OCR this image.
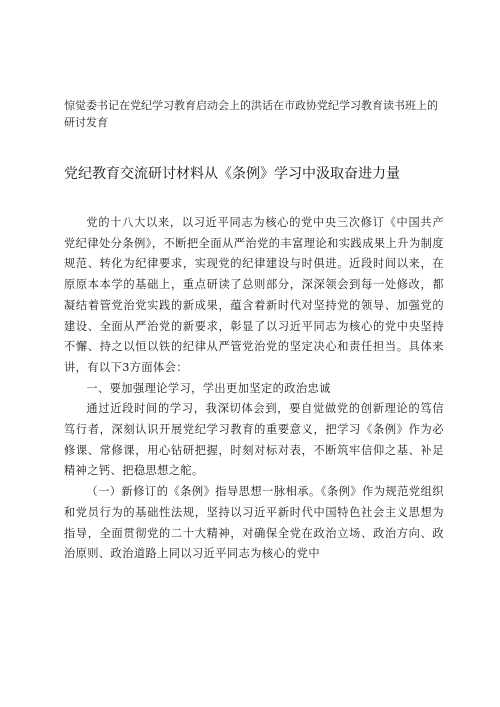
惊觉委书记在党纪学习教育启动会上的洪话在市政协党纪学习教育读书班上的研讨发育
党纪教育交流研讨材料从《条例》学习中汲取奋进力量

党的十八大以来，以习近平同志为核心的党中央三次修订《中国共产党纪律处分条例》，不断把全面从严治党的丰富理论和实践成果上升为制度规范、转化为纪律要求，实现党的纪律建设与时俱进。近段时间以来，在原原本本学的基础上，重点研读了总则部分，深深领会到每一处修改，都凝结着管党治党实践的新成果，蕴含着新时代对坚持党的领导、加强党的建设、全面从严治党的新要求，彰显了以习近平同志为核心的党中央坚持不懈、持之以恒以铁的纪律从严管党治党的坚定决心和责任担当。具体来讲，有以下3方面体会：

一、要加强理论学习，学出更加坚定的政治忠诚

通过近段时间的学习，我深切体会到，要自觉做党的创新理论的笃信笃行者，深刻认识开展党纪学习教育的重要意义，把学习《条例》作为必修课、常修课，用心钻研把握，时刻对标对表，不断筑牢信仰之基、补足精神之钙、把稳思想之舵。

（一）新修订的《条例》指导思想一脉相承。《条例》作为规范党组织和党员行为的基础性法规，坚持以习近平新时代中国特色社会主义思想为指导，全面贯彻党的二十大精神，对确保全党在政治立场、政治方向、政治原则、政治道路上同以习近平同志为核心的党中
